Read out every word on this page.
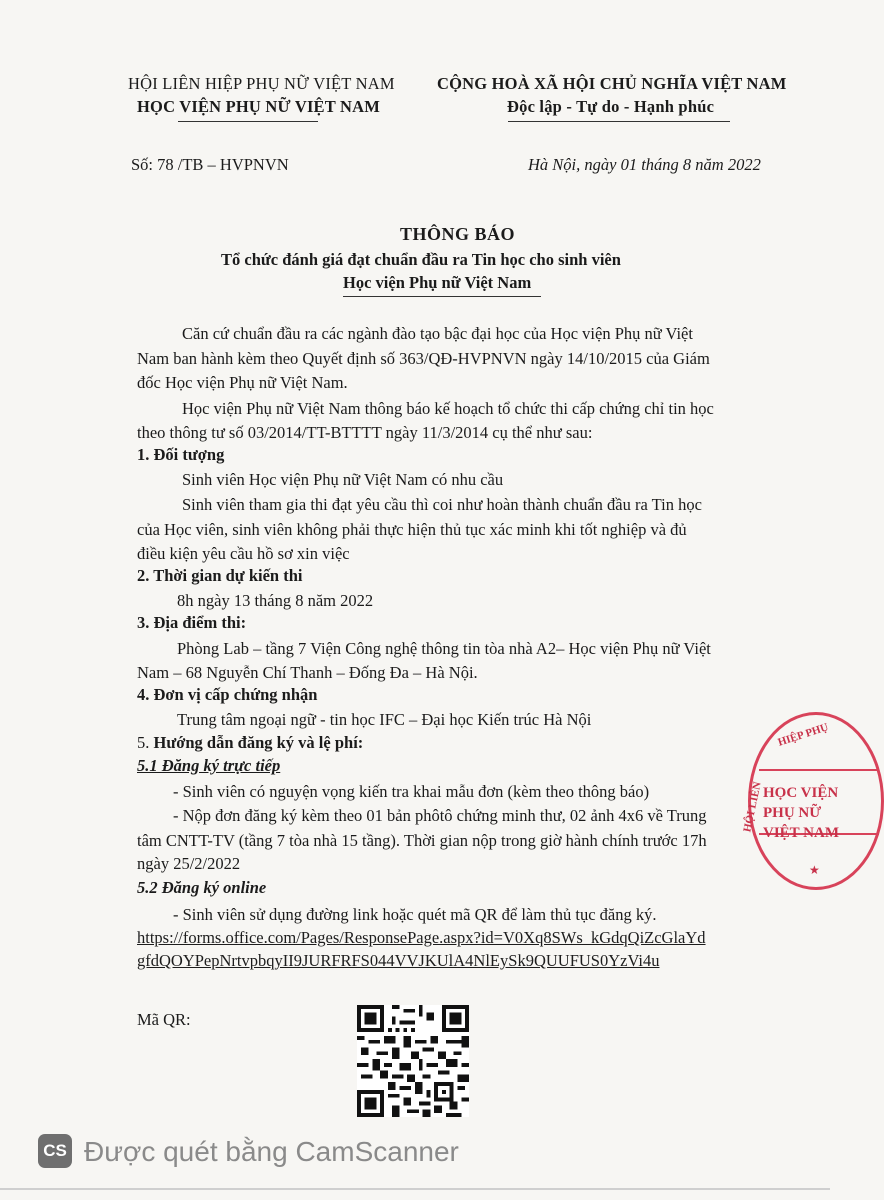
HỘI LIÊN HIỆP PHỤ NỮ VIỆT NAM
HỌC VIỆN PHỤ NỮ VIỆT NAM
CỘNG HOÀ XÃ HỘI CHỦ NGHĨA VIỆT NAM
Độc lập - Tự do - Hạnh phúc
Số: 78 /TB – HVPNVN	Hà Nội, ngày 01 tháng 8 năm 2022
THÔNG BÁO
Tổ chức đánh giá đạt chuẩn đầu ra Tin học cho sinh viên
Học viện Phụ nữ Việt Nam
Căn cứ chuẩn đầu ra các ngành đào tạo bậc đại học của Học viện Phụ nữ Việt
Nam ban hành kèm theo Quyết định số 363/QĐ-HVPNVN ngày 14/10/2015 của Giám
đốc Học viện Phụ nữ Việt Nam.
Học viện Phụ nữ Việt Nam thông báo kế hoạch tổ chức thi cấp chứng chỉ tin học
theo thông tư số 03/2014/TT-BTTTT ngày 11/3/2014 cụ thể như sau:
1. Đối tượng
Sinh viên Học viện Phụ nữ Việt Nam có nhu cầu
Sinh viên tham gia thi đạt yêu cầu thì coi như hoàn thành chuẩn đầu ra Tin học
của Học viên, sinh viên không phải thực hiện thủ tục xác minh khi tốt nghiệp và đủ
điều kiện yêu cầu hồ sơ xin việc
2. Thời gian dự kiến thi
8h ngày 13 tháng 8 năm 2022
3. Địa điểm thi:
Phòng Lab – tầng 7 Viện Công nghệ thông tin tòa nhà A2– Học viện Phụ nữ Việt
Nam – 68 Nguyễn Chí Thanh – Đống Đa – Hà Nội.
4. Đơn vị cấp chứng nhận
Trung tâm ngoại ngữ - tin học IFC – Đại học Kiến trúc Hà Nội
5. Hướng dẫn đăng ký và lệ phí:
5.1 Đăng ký trực tiếp
- Sinh viên có nguyện vọng kiến tra khai mẫu đơn (kèm theo thông báo)
- Nộp đơn đăng ký kèm theo 01 bản phôtô chứng minh thư, 02 ảnh 4x6 về Trung
tâm CNTT-TV (tầng 7 tòa nhà 15 tầng). Thời gian nộp trong giờ hành chính trước 17h
ngày 25/2/2022
5.2 Đăng ký online
- Sinh viên sử dụng đường link hoặc quét mã QR để làm thủ tục đăng ký.
https://forms.office.com/Pages/ResponsePage.aspx?id=V0Xq8SWs_kGdqQiZcGlaYd
gfdQOYPepNrtvpbqyII9JURFRFS044VVJKUlA4NlEySk9QUUFUS0YzVi4u
Mã QR:
HIỆP PHỤ
HỘI LIÊN HỌC VIỆN
PHỤ NỮ
VIỆT NAM
★
CS Được quét bằng CamScanner
